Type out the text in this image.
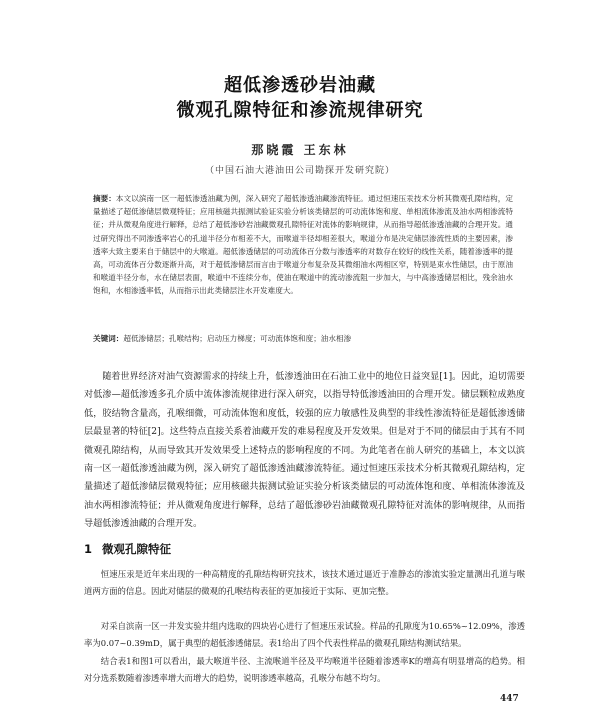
超低渗透砂岩油藏
微观孔隙特征和渗流规律研究
那晓霞 王东林
（中国石油大港油田公司勘探开发研究院）
摘要：本文以滨南一区一超低渗透油藏为例，深入研究了超低渗透油藏渗流特征。通过恒速压汞技术分析其微观孔隙结构，定量描述了超低渗储层微观特征；应用核磁共振测试验证实验分析该类储层的可动流体饱和度、单相流体渗流及油水两相渗流特征；并从微观角度进行解释，总结了超低渗砂岩油藏微观孔隙特征对流体的影响规律，从而指导超低渗透油藏的合理开发。通过研究得出不同渗透率岩心的孔道半径分布相差不大，而喉道半径却相差很大，喉道分布是决定储层渗流性质的主要因素，渗透率大致主要来自于储层中的大喉道。超低渗透储层的可动流体百分数与渗透率的对数存在较好的线性关系，随着渗透率的提高，可动流体百分数逐渐升高，对于超低渗储层而言由于喉道分布复杂及其微细油水两相区窄，特别是束水性储层，由于原油和喉道半径分布，水在储层表面，喉道中不连续分布，使油在喉道中的流动渗流阻一步加大，与中高渗透储层相比，残余油水饱和，水相渗透率低，从而指示出此类储层注水开发难度大。
关键词：超低渗储层；孔喉结构；启动压力梯度；可动流体饱和度；油水相渗
随着世界经济对油气资源需求的持续上升，低渗透油田在石油工业中的地位日益突显[1]。因此，迫切需要对低渗—超低渗透多孔介质中流体渗流规律进行深入研究，以指导特低渗透油田的合理开发。储层颗粒成熟度低，胶结物含量高，孔喉细微，可动流体饱和度低，较强的应力敏感性及典型的非线性渗流特征是超低渗透储层最显著的特征[2]。这些特点直接关系着油藏开发的难易程度及开发效果。但是对于不同的储层由于其有不同微观孔隙结构，从而导致其开发效果受上述特点的影响程度的不同。为此笔者在前人研究的基础上，本文以滨南一区一超低渗透油藏为例，深入研究了超低渗透油藏渗流特征。通过恒速压汞技术分析其微观孔隙结构，定量描述了超低渗储层微观特征；应用核磁共振测试验证实验分析该类储层的可动流体饱和度、单相流体渗流及油水两相渗流特征；并从微观角度进行解释，总结了超低渗砂岩油藏微观孔隙特征对流体的影响规律，从而指导超低渗透油藏的合理开发。
1 微观孔隙特征
恒速压汞是近年来出现的一种高精度的孔隙结构研究技术，该技术通过逼近于准静态的渗流实验定量测出孔道与喉道两方面的信息。因此对储层的微观的孔喉结构表征的更加接近于实际、更加完整。
对采自滨南一区一井发实验井组内选取的四块岩心进行了恒速压汞试验。样品的孔隙度为10.65%~12.09%，渗透率为0.07~0.39mD，属于典型的超低渗透储层。表1给出了四个代表性样品的微观孔隙结构测试结果。
结合表1和图1可以看出，最大喉道半径、主流喉道半径及平均喉道半径随着渗透率K的增高有明显增高的趋势。相对分选系数随着渗透率增大而增大的趋势，说明渗透率越高，孔喉分布越不均匀。
447
